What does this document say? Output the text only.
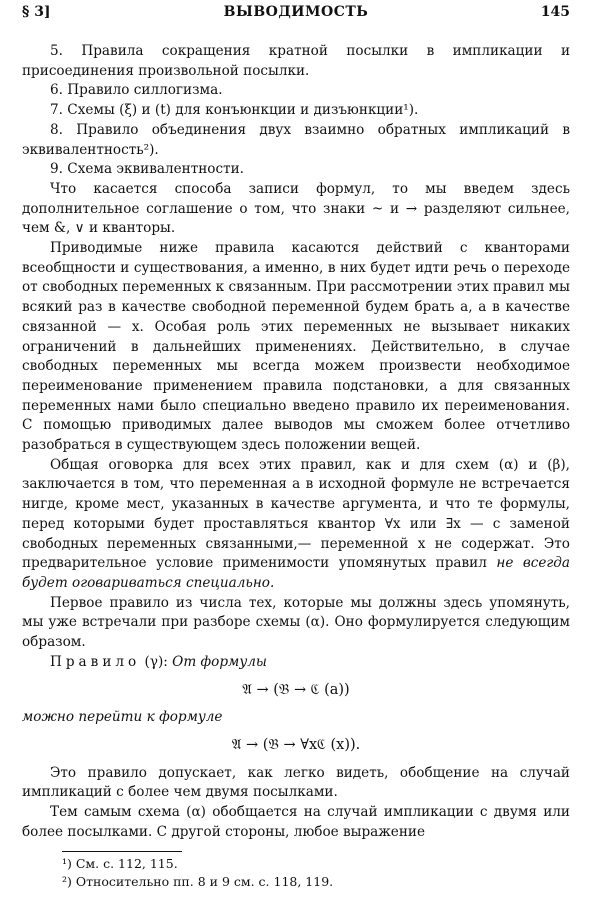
§ 3]	ВЫВОДИМОСТЬ	145

5. Правила сокращения кратной посылки в импликации и присоединения произвольной посылки.

6. Правило силлогизма.

7. Схемы (ξ) и (t) для конъюнкции и дизъюнкции¹).

8. Правило объединения двух взаимно обратных импликаций в эквивалентность²).

9. Схема эквивалентности.

Что касается способа записи формул, то мы введем здесь дополнительное соглашение о том, что знаки ~ и → разделяют сильнее, чем &, ∨ и кванторы.

Приводимые ниже правила касаются действий с кванторами всеобщности и существования, а именно, в них будет идти речь о переходе от свободных переменных к связанным. При рассмотрении этих правил мы всякий раз в качестве свободной переменной будем брать a, а в качестве связанной — x. Особая роль этих переменных не вызывает никаких ограничений в дальнейших применениях. Действительно, в случае свободных переменных мы всегда можем произвести необходимое переименование применением правила подстановки, а для связанных переменных нами было специально введено правило их переименования. С помощью приводимых далее выводов мы сможем более отчетливо разобраться в существующем здесь положении вещей.

Общая оговорка для всех этих правил, как и для схем (α) и (β), заключается в том, что переменная a в исходной формуле не встречается нигде, кроме мест, указанных в качестве аргумента, и что те формулы, перед которыми будет проставляться квантор ∀x или ∃x — с заменой свободных переменных связанными,— переменной x не содержат. Это предварительное условие применимости упомянутых правил не всегда будет оговариваться специально.

Первое правило из числа тех, которые мы должны здесь упомянуть, мы уже встречали при разборе схемы (α). Оно формулируется следующим образом.

Правило (γ): От формулы

𝔄 → (𝔅 → ℭ (a))

можно перейти к формуле

𝔄 → (𝔅 → ∀xℭ (x)).

Это правило допускает, как легко видеть, обобщение на случай импликаций с более чем двумя посылками.

Тем самым схема (α) обобщается на случай импликации с двумя или более посылками. С другой стороны, любое выражение

¹) См. с. 112, 115.
²) Относительно пп. 8 и 9 см. с. 118, 119.
